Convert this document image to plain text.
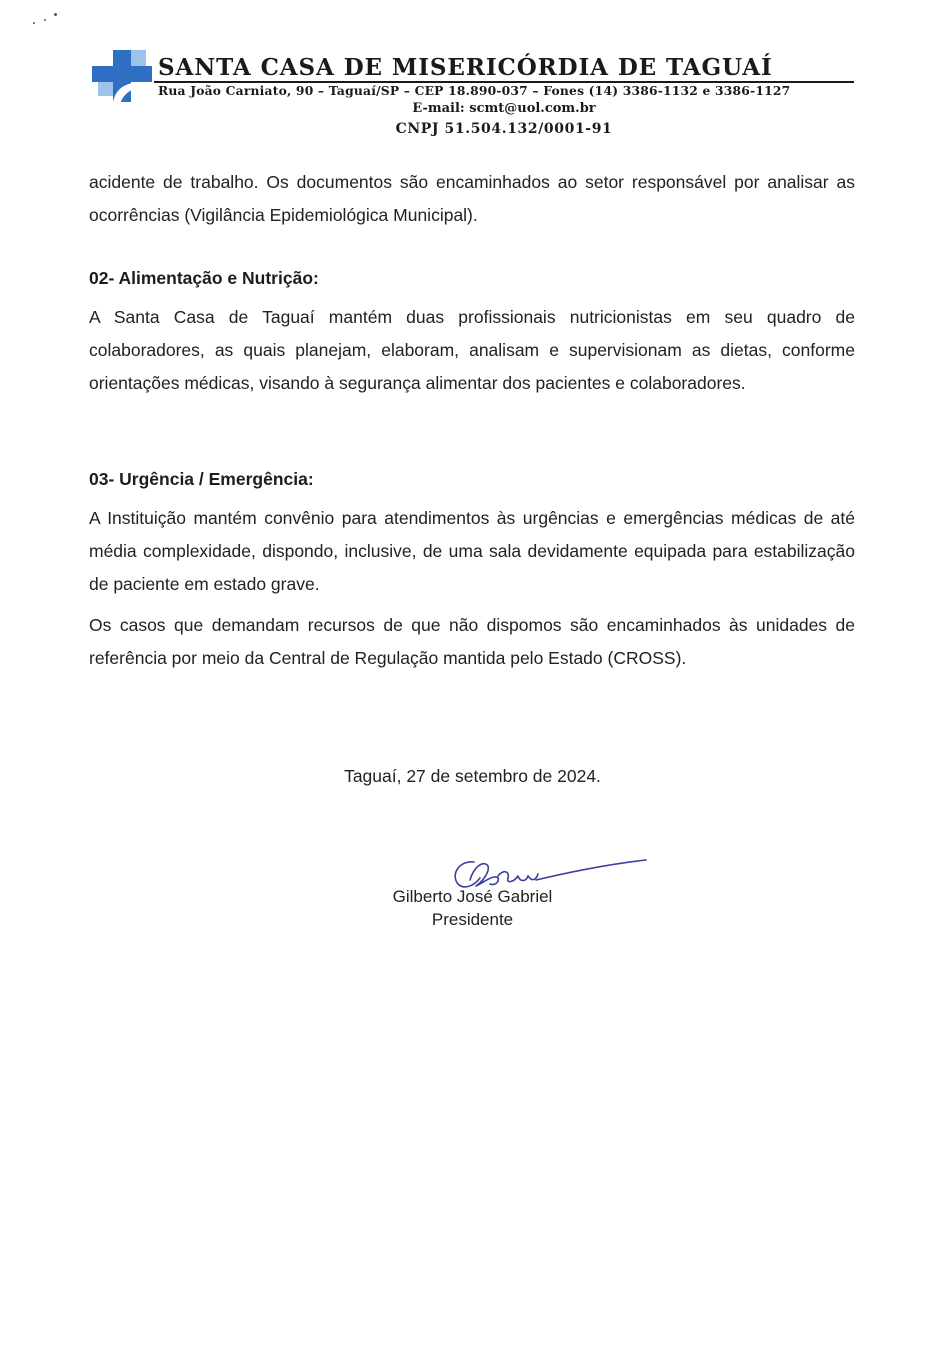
SANTA CASA DE MISERICÓRDIA DE TAGUAÍ
Rua João Carniato, 90 – Taguaí/SP – CEP 18.890-037 – Fones (14) 3386-1132 e 3386-1127
E-mail: scmt@uol.com.br
CNPJ 51.504.132/0001-91

acidente de trabalho. Os documentos são encaminhados ao setor responsável por analisar as ocorrências (Vigilância Epidemiológica Municipal).

02- Alimentação e Nutrição:

A Santa Casa de Taguaí mantém duas profissionais nutricionistas em seu quadro de colaboradores, as quais planejam, elaboram, analisam e supervisionam as dietas, conforme orientações médicas, visando à segurança alimentar dos pacientes e colaboradores.

03- Urgência / Emergência:

A Instituição mantém convênio para atendimentos às urgências e emergências médicas de até média complexidade, dispondo, inclusive, de uma sala devidamente equipada para estabilização de paciente em estado grave.

Os casos que demandam recursos de que não dispomos são encaminhados às unidades de referência por meio da Central de Regulação mantida pelo Estado (CROSS).

Taguaí, 27 de setembro de 2024.
Gilberto José Gabriel
Presidente
